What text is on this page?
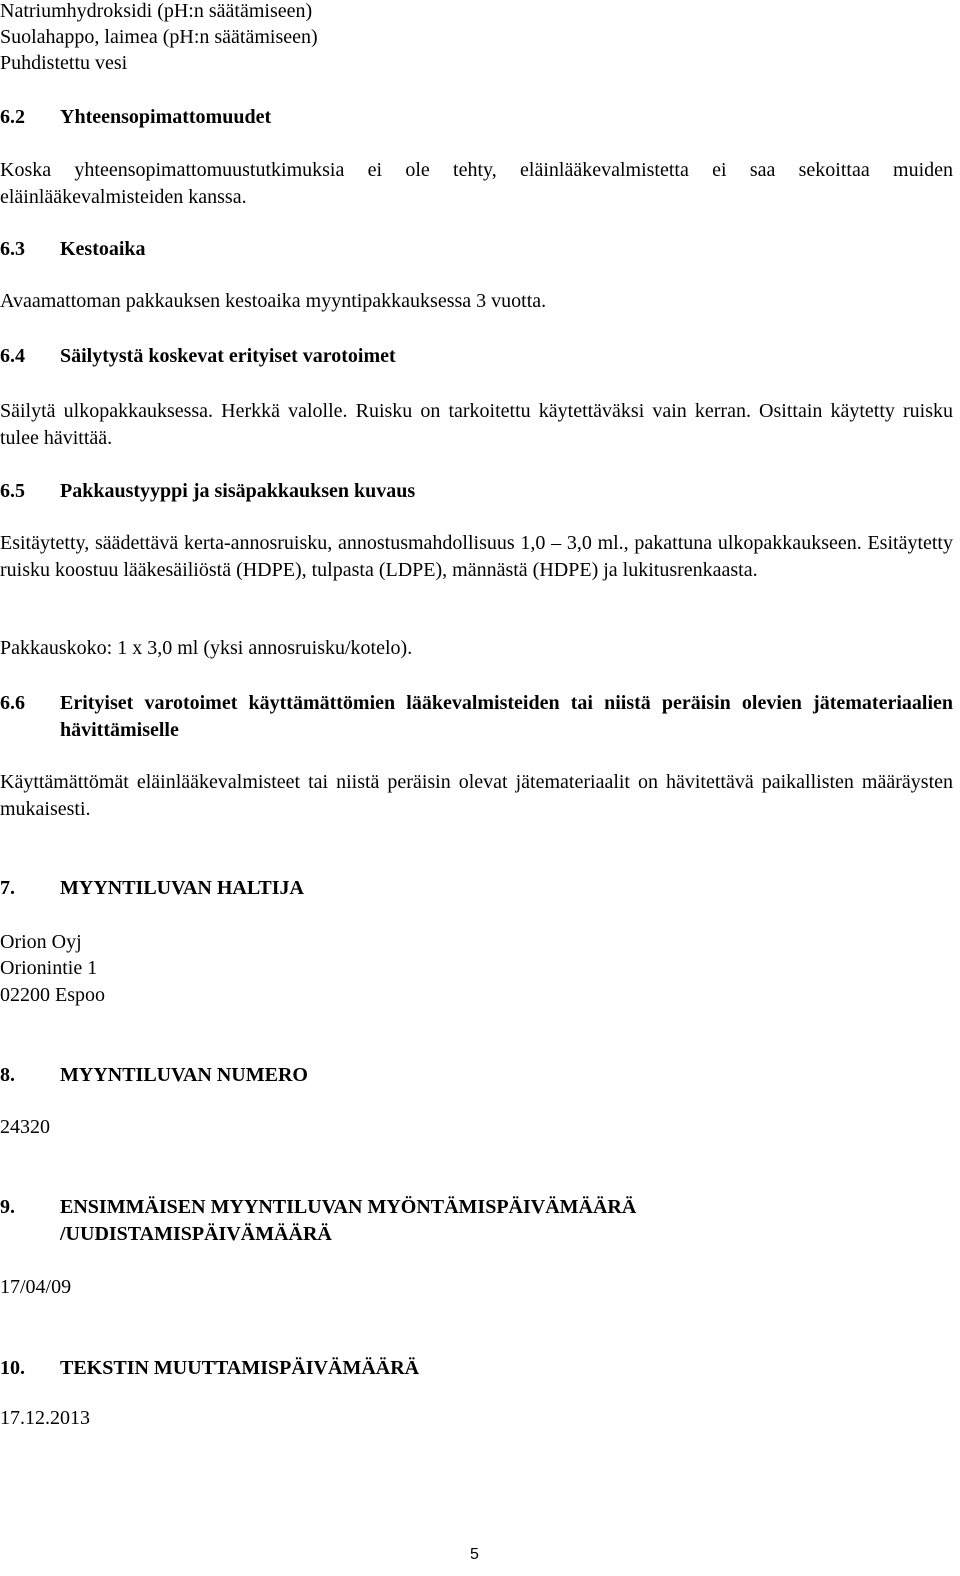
Natriumhydroksidi (pH:n säätämiseen)

Suolahappo, laimea (pH:n säätämiseen)

Puhdistettu vesi

6.2 Yhteensopimattomuudet

Koska yhteensopimattomuustutkimuksia ei ole tehty, eläinlääkevalmistetta ei saa sekoittaa muiden eläinlääkevalmisteiden kanssa.

6.3 Kestoaika

Avaamattoman pakkauksen kestoaika myyntipakkauksessa 3 vuotta.

6.4 Säilytystä koskevat erityiset varotoimet

Säilytä ulkopakkauksessa. Herkkä valolle. Ruisku on tarkoitettu käytettäväksi vain kerran. Osittain käytetty ruisku tulee hävittää.

6.5 Pakkaustyyppi ja sisäpakkauksen kuvaus

Esitäytetty, säädettävä kerta-annosruisku, annostusmahdollisuus 1,0 – 3,0 ml., pakattuna ulkopakkaukseen. Esitäytetty ruisku koostuu lääkesäiliöstä (HDPE), tulpasta (LDPE), männästä (HDPE) ja lukitusrenkaasta.

Pakkauskoko: 1 x 3,0 ml (yksi annosruisku/kotelo).

6.6	Erityiset varotoimet käyttämättömien lääkevalmisteiden tai niistä peräisin olevien jätemateriaalien hävittämiselle

Käyttämättömät eläinlääkevalmisteet tai niistä peräisin olevat jätemateriaalit on hävitettävä paikallisten määräysten mukaisesti.

7. MYYNTILUVAN HALTIJA

Orion Oyj

Orionintie 1

02200 Espoo

8. MYYNTILUVAN NUMERO

24320

9.	ENSIMMÄISEN MYYNTILUVAN MYÖNTÄMISPÄIVÄMÄÄRÄ /UUDISTAMISPÄIVÄMÄÄRÄ

17/04/09

10. TEKSTIN MUUTTAMISPÄIVÄMÄÄRÄ

17.12.2013

5
